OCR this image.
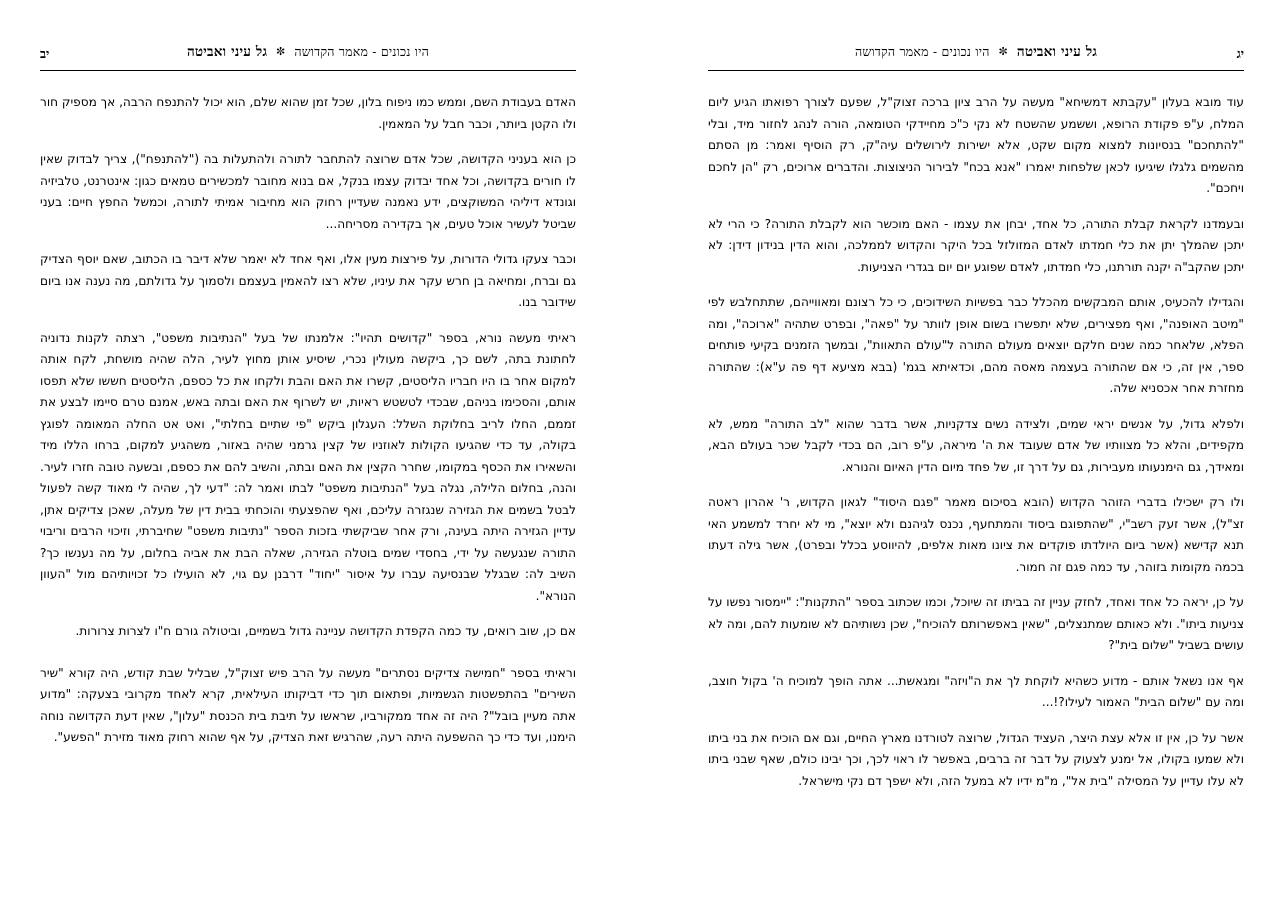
היו נכונים - מאמר הקדושה ✼ גל עיני ואביטה
יב

האדם בעבודת השם, וממש כמו ניפוח בלון, שכל זמן שהוא שלם, הוא יכול להתנפח הרבה, אך מספיק חור ולו הקטן ביותר, וכבר חבל על המאמין.

כן הוא בעניני הקדושה, שכל אדם שרוצה להתחבר לתורה ולהתעלות בה ("להתנפח"), צריך לבדוק שאין לו חורים בקדושה, וכל אחד יבדוק עצמו בנקל, אם בנוא מחובר למכשירים טמאים כגון: אינטרנט, טלביזיה וגונדא דיליהי המשוקצים, ידע נאמנה שעדיין רחוק הוא מחיבור אמיתי לתורה, וכמשל החפץ חיים: בעני שביטל לעשיר אוכל טעים, אך בקדירה מסריחה...

וכבר צעקו גדולי הדורות, על פירצות מעין אלו, ואף אחד לא יאמר שלא דיבר בו הכתוב, שאם יוסף הצדיק גם וברח, ומחיאה בן חרש עקר את עיניו, שלא רצו להאמין בעצמם ולסמוך על גדולתם, מה נענה אנו ביום שידובר בנו.

ראיתי מעשה נורא, בספר "קדושים תהיו": אלמנתו של בעל "הנתיבות משפט", רצתה לקנות נדוניה לחתונת בתה, לשם כך, ביקשה מעולין נכרי, שיסיע אותן מחוץ לעיר, הלה שהיה מושחת, לקח אותה למקום אחר בו היו חבריו הליסטים, קשרו את האם והבת ולקחו את כל כספם, הליסטים חששו שלא תפסו אותם, והסכימו בניהם, שבכדי לטשטש ראיות, יש לשרוף את האם ובתה באש, אמנם טרם סיימו לבצע את זממם, החלו לריב בחלוקת השלל: העגלון ביקש "פי שתיים בחלתי", ואט אט החלה המאומה לפוגץ בקולה, עד כדי שהגיעו הקולות לאוזניו של קצין גרמני שהיה באזור, משהגיע למקום, ברחו הללו מיד והשאירו את הכסף במקומו, שחרר הקצין את האם ובתה, והשיב להם את כספם, ובשעה טובה חזרו לעיר. והנה, בחלום הלילה, נגלה בעל "הנתיבות משפט" לבתו ואמר לה: "דעי לך, שהיה לי מאוד קשה לפעול לבטל בשמים את הגזירה שנגזרה עליכם, ואף שהפצעתי והוכחתי בבית דין של מעלה, שאכן צדיקים אתן, עדיין הגזירה היתה בעינה, ורק אחר שביקשתי בזכות הספר "נתיבות משפט" שחיברתי, וזיכוי הרבים וריבוי התורה שנגעשה על ידי, בחסדי שמים בוטלה הגזירה, שאלה הבת את אביה בחלום, על מה נענשו כך? השיב לה: שבגלל שבנסיעה עברו על איסור "יחוד" דרבנן עם גוי, לא הועילו כל זכויותיהם מול "העוון הנורא".

אם כן, שוב רואים, עד כמה הקפדת הקדושה עניינה גדול בשמיים, וביטולה גורם ח"ו לצרות צרורות.

וראיתי בספר "חמישה צדיקים נסתרים" מעשה על הרב פיש זצוק"ל, שבליל שבת קודש, היה קורא "שיר השירים" בהתפשטות הגשמיות, ופתאום תוך כדי דביקותו העילאית, קרא לאחד מקרובי בצעקה: "מדוע אתה מעיין בובל"? היה זה אחד ממקורביו, שראשו על תיבת בית הכנסת "עלון", שאין דעת הקדושה נוחה הימנו, ועד כדי כך ההשפעה היתה רעה, שהרגיש זאת הצדיק, על אף שהוא רחוק מאוד מזירת "הפשע".

גל עיני ואביטה ✼ היו נכונים - מאמר הקדושה	יג

עוד מובא בעלון "עקבתא דמשיחא" מעשה על הרב ציון ברכה זצוק"ל, שפעם לצורך רפואתו הגיע ליום המלח, ע"פ פקודת הרופא, וששמע שהשטח לא נקי כ"כ מחיידקי הטומאה, הורה לנהג לחזור מיד, ובלי "להתחכם" בנסיונות למצוא מקום שקט, אלא ישירות לירושלים עיה"ק, רק הוסיף ואמר: מן הסתם מהשמים גלגלו שיגיעו לכאן שלפחות יאמרו "אנא בכח" לבירור הניצוצות. והדברים ארוכים, רק "הן לחכם ויחכם".

ובעמדנו לקראת קבלת התורה, כל אחד, יבחן את עצמו - האם מוכשר הוא לקבלת התורה? כי הרי לא יתכן שהמלך יתן את כלי חמדתו לאדם המזולזל בכל היקר והקדוש לממלכה, והוא הדין בנידון דידן: לא יתכן שהקב"ה יקנה תורתנו, כלי חמדתו, לאדם שפוגע יום יום בגדרי הצניעות.

והגדילו להכעיס, אותם המבקשים מהכלל כבר בפשיות השידוכים, כי כל רצונם ומאווייהם, שתתחלבש לפי "מיטב האופנה", ואף מפצירים, שלא יתפשרו בשום אופן לוותר על "פאה", ובפרט שתהיה "ארוכה", ומה הפלא, שלאחר כמה שנים חלקם יוצאים מעולם התורה ל"עולם התאוות", ובמשך הזמנים בקיעי פותחים ספר, אין זה, כי אם שהתורה בעצמה מאסה מהם, וכדאיתא בגמ' (בבא מציעא דף פה ע"א): שהתורה מחזרת אחר אכסניא שלה.

ולפלא גדול, על אנשים יראי שמים, ולצידה נשים צדקניות, אשר בדבר שהוא "לב התורה" ממש, לא מקפידים, והלא כל מצוותיו של אדם שעובד את ה' מיראה, ע"פ רוב, הם בכדי לקבל שכר בעולם הבא, ומאידך, גם הימנעותו מעבירות, גם על דרך זו, של פחד מיום הדין האיום והנורא.

ולו רק ישכילו בדברי הזוהר הקדוש (הובא בסיכום מאמר "פגם היסוד" לגאון הקדוש, ר' אהרון ראטה זצ"ל), אשר זעק רשב"י, "שהתפוגם ביסוד והמתחעף, נכנס לגיהנם ולא יוצא", מי לא יחרד למשמע האי תנא קדישא (אשר ביום היולדתו פוקדים את ציונו מאות אלפים, להיווסע בכלל ובפרט), אשר גילה דעתו בכמה מקומות בזוהר, עד כמה פגם זה חמור.

על כן, יראה כל אחד ואחד, לחזק עניין זה בביתו זה שיוכל, וכמו שכתוב בספר "התקנות": "יימסור נפשו על צניעות ביתו". ולא כאותם שמתנצלים, "שאין באפשרותם להוכיח", שכן נשותיהם לא שומעות להם, ומה לא עושים בשביל "שלום בית"?

אף אנו נשאל אותם - מדוע כשהיא לוקחת לך את ה"ויזה" ומגאשת... אתה הופך למוכיח ה' בקול חוצב, ומה עם "שלום הבית" האמור לעילו?!...

אשר על כן, אין זו אלא עצת היצר, העציד הגדול, שרוצה לטורדנו מארץ החיים, וגם אם הוכיח את בני ביתו ולא שמעו בקולו, אל ימנע לצעוק על דבר זה ברבים, באפשר לו ראוי לכך, וכך יבינו כולם, שאף שבני ביתו לא עלו עדיין על המסילה "בית אל", מ"מ ידיו לא במעל הזה, ולא ישפך דם נקי מישראל.
